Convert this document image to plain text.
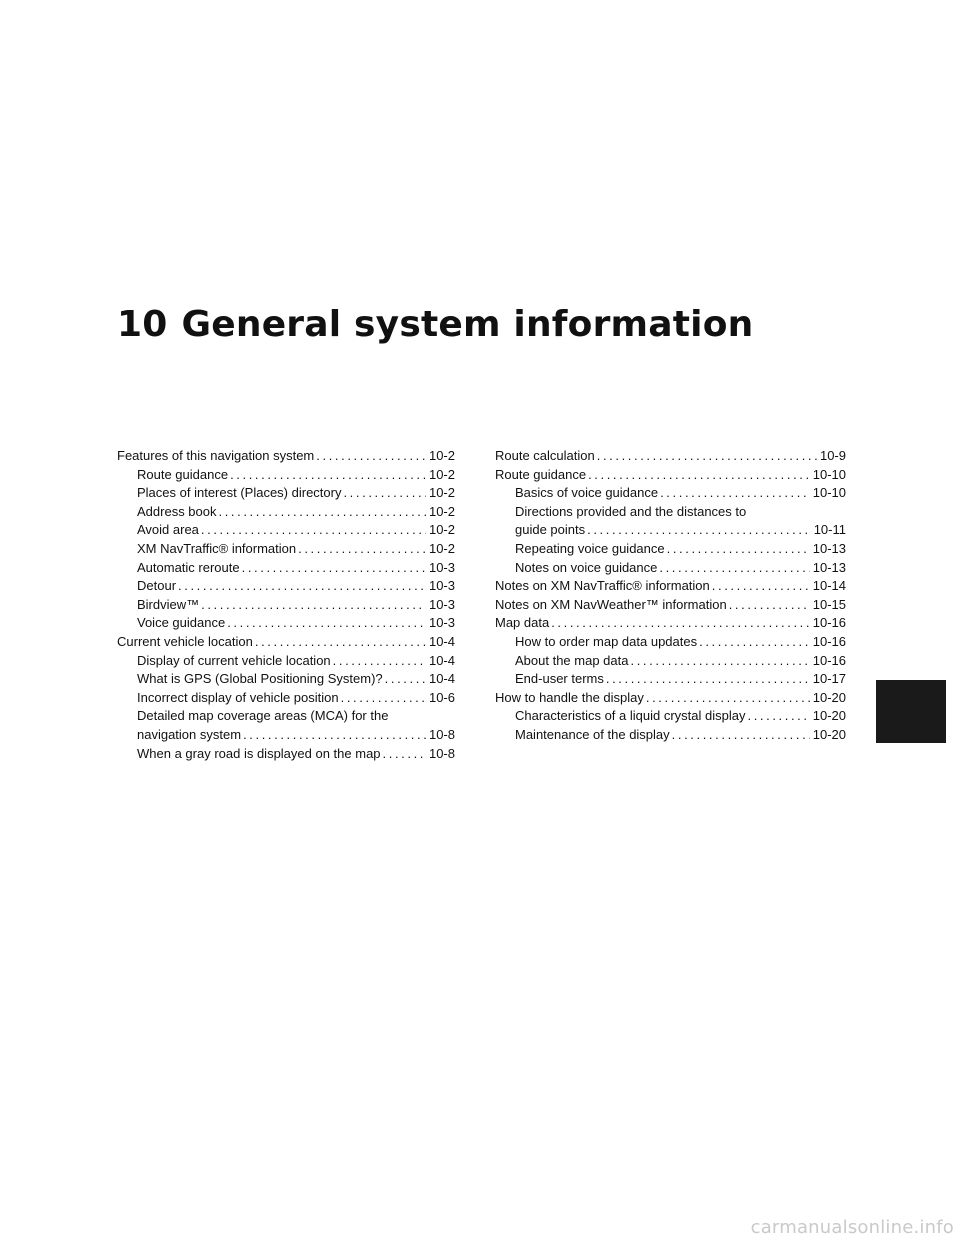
10 General system information
Features of this navigation system .....	10-2
Route guidance .....	10-2
Places of interest (Places) directory .....	10-2
Address book .....	10-2
Avoid area .....	10-2
XM NavTraffic® information .....	10-2
Automatic reroute .....	10-3
Detour .....	10-3
Birdview™ .....	10-3
Voice guidance .....	10-3
Current vehicle location .....	10-4
Display of current vehicle location .....	10-4
What is GPS (Global Positioning System)? .....	10-4
Incorrect display of vehicle position .....	10-6
Detailed map coverage areas (MCA) for the
navigation system .....	10-8
When a gray road is displayed on the map .....	10-8
Route calculation .....	10-9
Route guidance .....	10-10
Basics of voice guidance .....	10-10
Directions provided and the distances to
guide points .....	10-11
Repeating voice guidance .....	10-13
Notes on voice guidance .....	10-13
Notes on XM NavTraffic® information .....	10-14
Notes on XM NavWeather™ information .....	10-15
Map data .....	10-16
How to order map data updates .....	10-16
About the map data .....	10-16
End-user terms .....	10-17
How to handle the display .....	10-20
Characteristics of a liquid crystal display .....	10-20
Maintenance of the display .....	10-20
carmanualsonline.info
